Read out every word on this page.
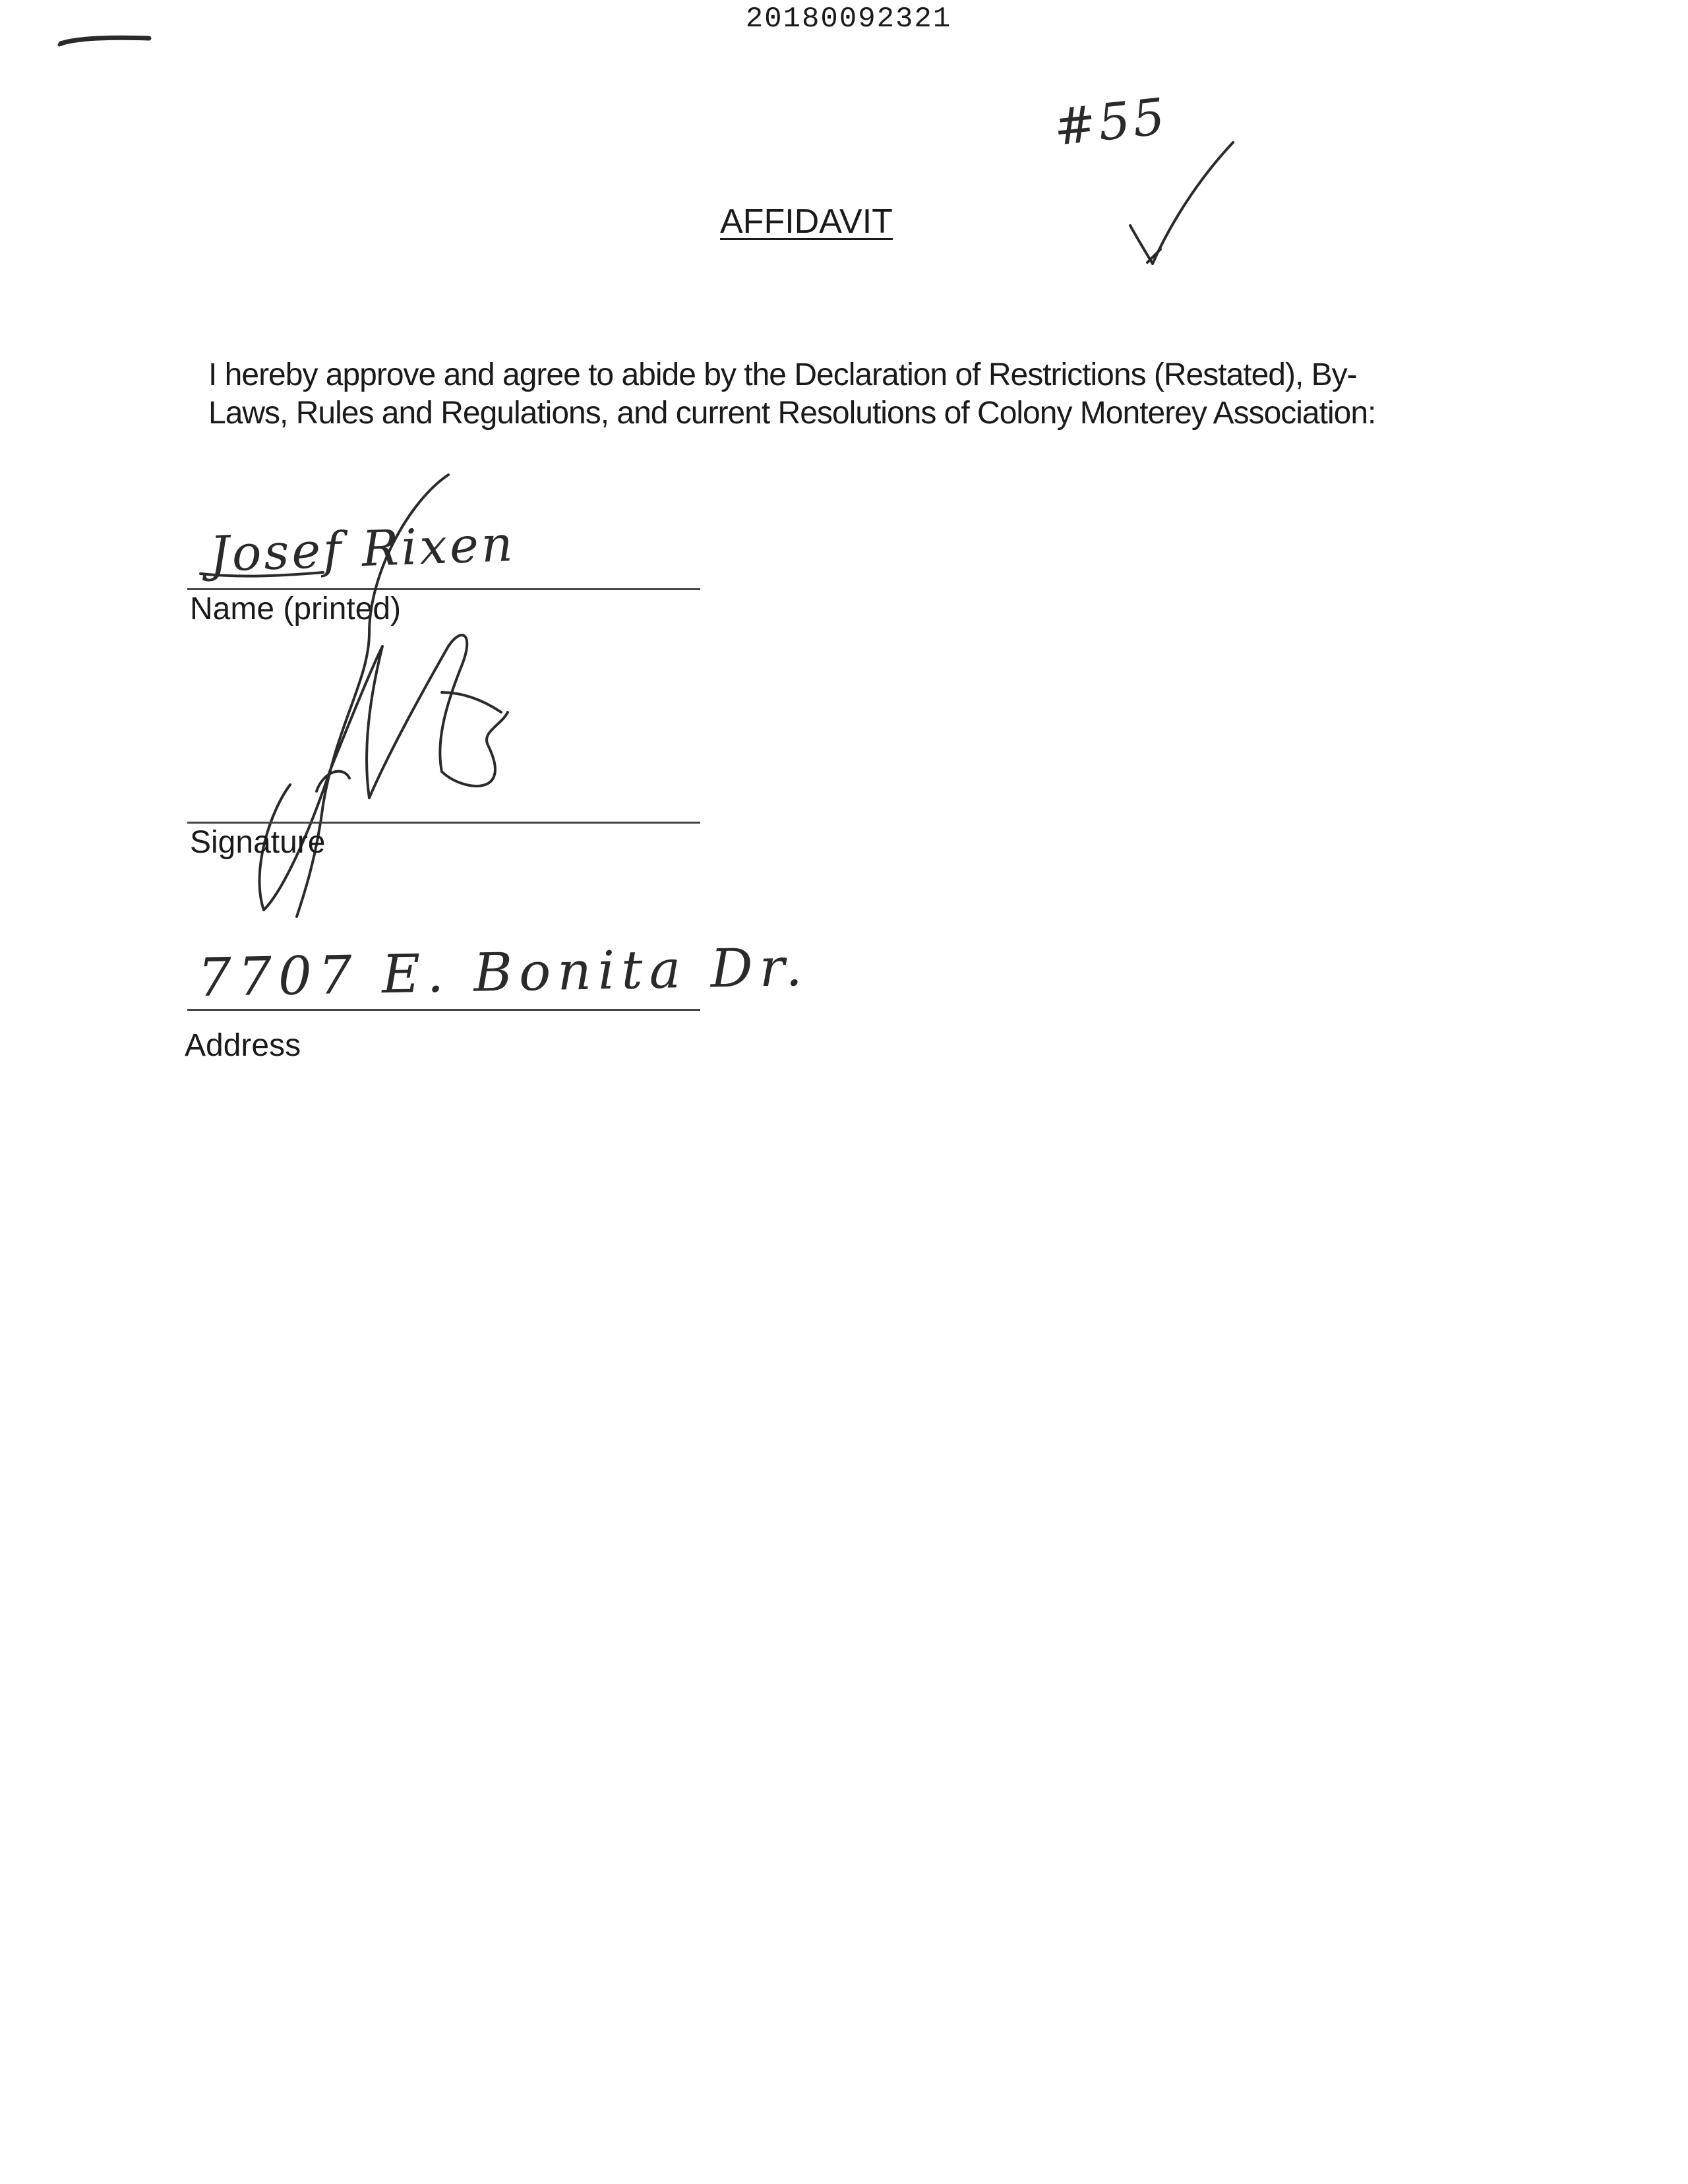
20180092321
#55
AFFIDAVIT
I hereby approve and agree to abide by the Declaration of Restrictions (Restated), By-Laws, Rules and Regulations, and current Resolutions of Colony Monterey Association:
Josef Rixen
Name (printed)
Signature
7707 E. Bonita Dr.
Address
